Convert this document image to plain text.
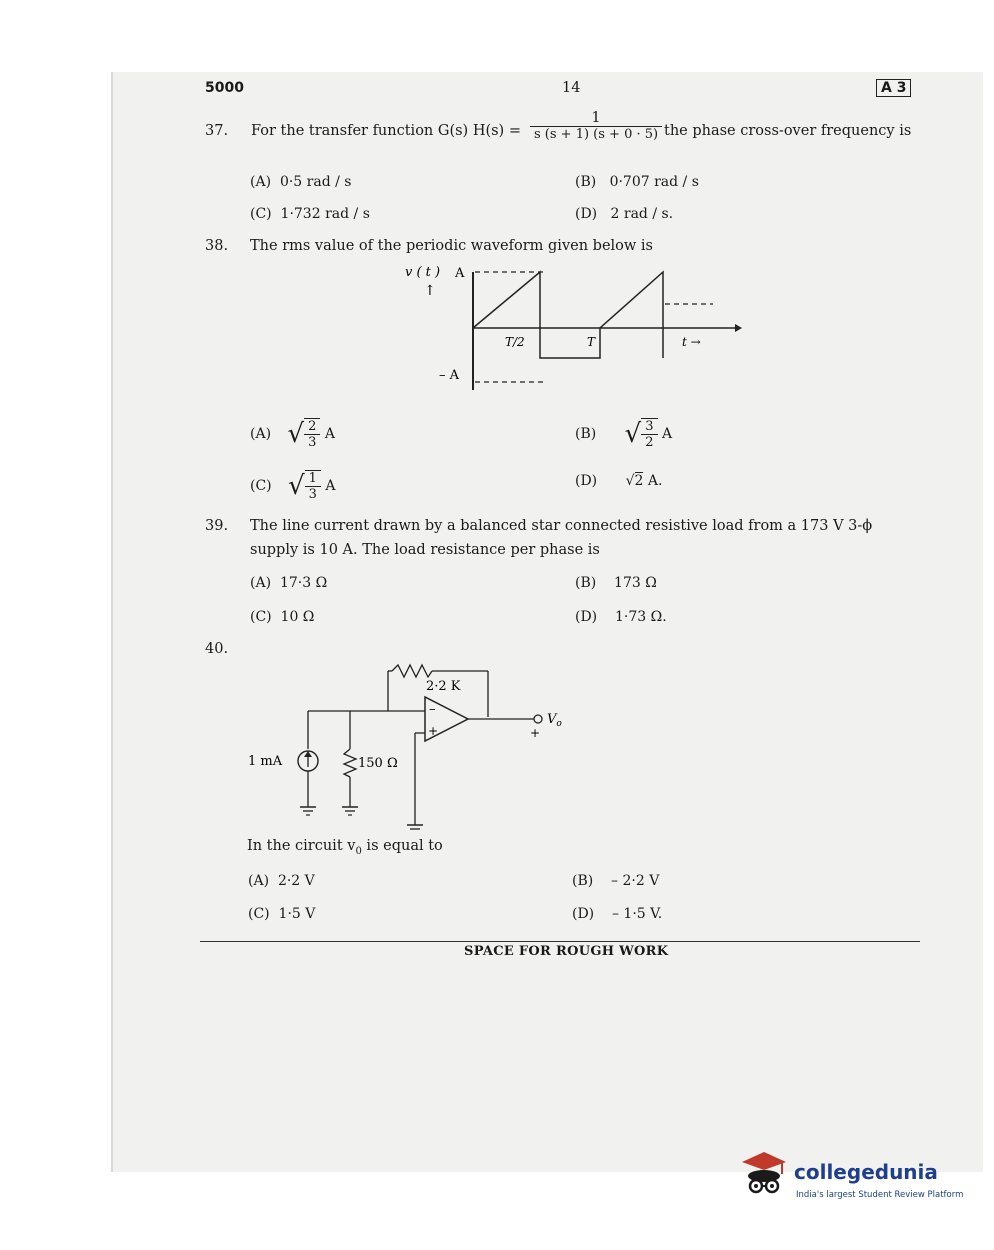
5000	14	A 3
37. For the transfer function G(s) $H(s) = \frac{1}{s (s + 1) (s + 0 \cdot 5)}$ the phase cross-over frequency is
(A) 0·5 rad / s	(B) 0·707 rad / s
(C) 1·732 rad / s	(D) 2 rad / s.
38. The rms value of the periodic waveform given below is
v ( t ) A
↑
T/2	T	t →
– A
(A) √ $\frac{2}{3}$ A	(B) √ $\frac{3}{2}$ A
(C) √ $\frac{1}{3}$ A	(D) √2 A.
39. The line current drawn by a balanced star connected resistive load from a 173 V 3-ϕ
supply is 10 A. The load resistance per phase is
(A) 17·3 Ω	(B) 173 Ω
(C) 10 Ω	(D) 1·73 Ω.
40.
2·2 K
–
+
$V_o$
+
1 mA	150 Ω
In the circuit $v_0$ is equal to
(A) 2·2 V	(B) – 2·2 V
(C) 1·5 V	(D) – 1·5 V.
SPACE FOR ROUGH WORK
collegedunia
India's largest Student Review Platform
